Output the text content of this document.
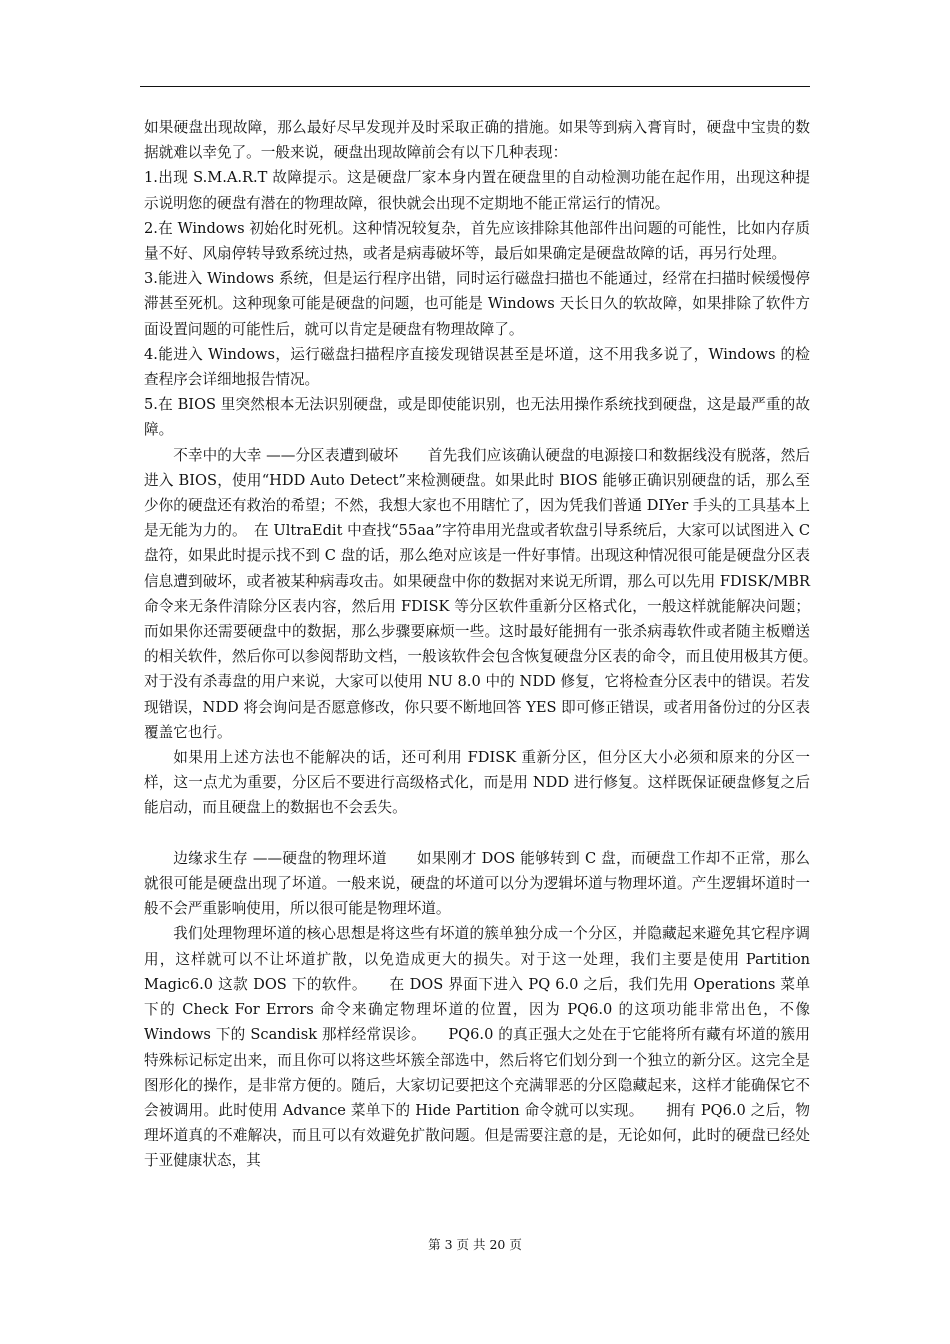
如果硬盘出现故障，那么最好尽早发现并及时采取正确的措施。如果等到病入膏肓时，硬盘中宝贵的数据就难以幸免了。一般来说，硬盘出现故障前会有以下几种表现：

1.出现 S.M.A.R.T 故障提示。这是硬盘厂家本身内置在硬盘里的自动检测功能在起作用，出现这种提示说明您的硬盘有潜在的物理故障，很快就会出现不定期地不能正常运行的情况。

2.在 Windows 初始化时死机。这种情况较复杂，首先应该排除其他部件出问题的可能性，比如内存质量不好、风扇停转导致系统过热，或者是病毒破坏等，最后如果确定是硬盘故障的话，再另行处理。

3.能进入 Windows 系统，但是运行程序出错，同时运行磁盘扫描也不能通过，经常在扫描时候缓慢停滞甚至死机。这种现象可能是硬盘的问题，也可能是 Windows 天长日久的软故障，如果排除了软件方面设置问题的可能性后，就可以肯定是硬盘有物理故障了。

4.能进入 Windows，运行磁盘扫描程序直接发现错误甚至是坏道，这不用我多说了，Windows 的检查程序会详细地报告情况。

5.在 BIOS 里突然根本无法识别硬盘，或是即使能识别，也无法用操作系统找到硬盘，这是最严重的故障。

不幸中的大幸 ——分区表遭到破坏　　首先我们应该确认硬盘的电源接口和数据线没有脱落，然后进入 BIOS，使用“HDD Auto Detect”来检测硬盘。如果此时 BIOS 能够正确识别硬盘的话，那么至少你的硬盘还有救治的希望；不然，我想大家也不用瞎忙了，因为凭我们普通 DIYer 手头的工具基本上是无能为力的。　在 UltraEdit 中查找“55aa”字符串用光盘或者软盘引导系统后，大家可以试图进入 C 盘符，如果此时提示找不到 C 盘的话，那么绝对应该是一件好事情。出现这种情况很可能是硬盘分区表信息遭到破坏，或者被某种病毒攻击。如果硬盘中你的数据对来说无所谓，那么可以先用 FDISK/MBR 命令来无条件清除分区表内容，然后用 FDISK 等分区软件重新分区格式化，一般这样就能解决问题；而如果你还需要硬盘中的数据，那么步骤要麻烦一些。这时最好能拥有一张杀病毒软件或者随主板赠送的相关软件，然后你可以参阅帮助文档，一般该软件会包含恢复硬盘分区表的命令，而且使用极其方便。　　对于没有杀毒盘的用户来说，大家可以使用 NU 8.0 中的 NDD 修复，它将检查分区表中的错误。若发现错误，NDD 将会询问是否愿意修改，你只要不断地回答 YES 即可修正错误，或者用备份过的分区表覆盖它也行。

如果用上述方法也不能解决的话，还可利用 FDISK 重新分区，但分区大小必须和原来的分区一样，这一点尤为重要，分区后不要进行高级格式化，而是用 NDD 进行修复。这样既保证硬盘修复之后能启动，而且硬盘上的数据也不会丢失。

边缘求生存 ——硬盘的物理坏道　　如果刚才 DOS 能够转到 C 盘，而硬盘工作却不正常，那么就很可能是硬盘出现了坏道。一般来说，硬盘的坏道可以分为逻辑坏道与物理坏道。产生逻辑坏道时一般不会严重影响使用，所以很可能是物理坏道。

我们处理物理坏道的核心思想是将这些有坏道的簇单独分成一个分区，并隐藏起来避免其它程序调用，这样就可以不让坏道扩散，以免造成更大的损失。对于这一处理，我们主要是使用 Partition Magic6.0 这款 DOS 下的软件。　　在 DOS 界面下进入 PQ 6.0 之后，我们先用 Operations 菜单下的 Check For Errors 命令来确定物理坏道的位置，因为 PQ6.0 的这项功能非常出色，不像 Windows 下的 Scandisk 那样经常误诊。　　PQ6.0 的真正强大之处在于它能将所有藏有坏道的簇用特殊标记标定出来，而且你可以将这些坏簇全部选中，然后将它们划分到一个独立的新分区。这完全是图形化的操作，是非常方便的。随后，大家切记要把这个充满罪恶的分区隐藏起来，这样才能确保它不会被调用。此时使用 Advance 菜单下的 Hide Partition 命令就可以实现。　　拥有 PQ6.0 之后，物理坏道真的不难解决，而且可以有效避免扩散问题。但是需要注意的是，无论如何，此时的硬盘已经处于亚健康状态，其

第 3 页 共 20 页
